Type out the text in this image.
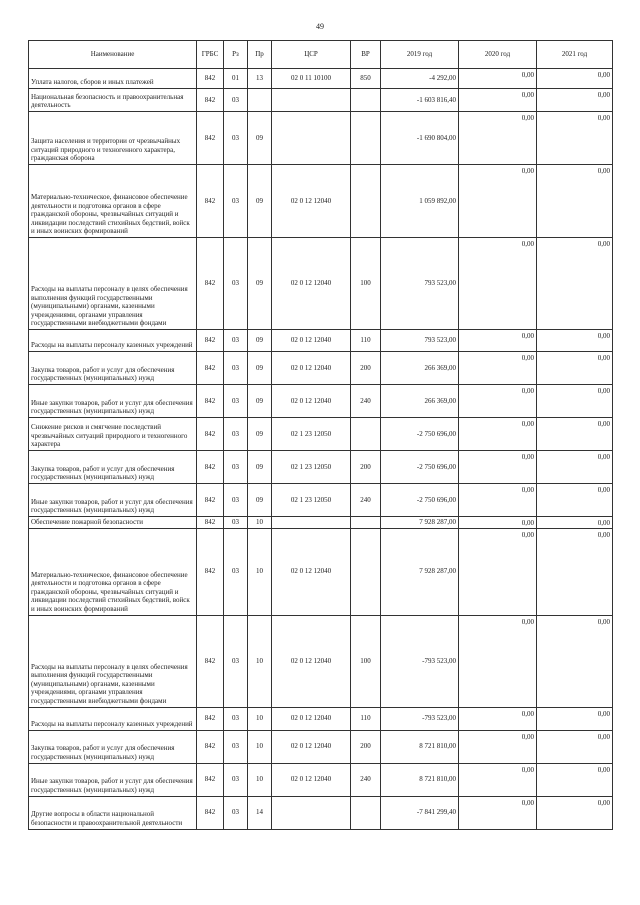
49
Наименование	ГРБС	Рз	Пр	ЦСР	ВР	2019 год	2020 год	2021 год
Уплата налогов, сборов и иных платежей	842	01	13	02 0 11 10100	850	-4 292,00	0,00	0,00
Национальная безопасность и правоохранительная деятельность	842	03				-1 603 816,40	0,00	0,00
Защита населения и территории от чрезвычайных ситуаций природного и техногенного характера, гражданская оборона	842	03	09			-1 690 804,00	0,00	0,00
Материально-техническое, финансовое обеспечение деятельности и подготовка органов в сфере гражданской обороны, чрезвычайных ситуаций и ликвидации последствий стихийных бедствий, войск и иных воинских формирований	842	03	09	02 0 12 12040		1 059 892,00	0,00	0,00
Расходы на выплаты персоналу в целях обеспечения выполнения функций государственными (муниципальными) органами, казенными учреждениями, органами управления государственными внебюджетными фондами	842	03	09	02 0 12 12040	100	793 523,00	0,00	0,00
Расходы на выплаты персоналу казенных учреждений	842	03	09	02 0 12 12040	110	793 523,00	0,00	0,00
Закупка товаров, работ и услуг для обеспечения государственных (муниципальных) нужд	842	03	09	02 0 12 12040	200	266 369,00	0,00	0,00
Иные закупки товаров, работ и услуг для обеспечения государственных (муниципальных) нужд	842	03	09	02 0 12 12040	240	266 369,00	0,00	0,00
Снижение рисков и смягчение последствий чрезвычайных ситуаций природного и техногенного характера	842	03	09	02 1 23 12050		-2 750 696,00	0,00	0,00
Закупка товаров, работ и услуг для обеспечения государственных (муниципальных) нужд	842	03	09	02 1 23 12050	200	-2 750 696,00	0,00	0,00
Иные закупки товаров, работ и услуг для обеспечения государственных (муниципальных) нужд	842	03	09	02 1 23 12050	240	-2 750 696,00	0,00	0,00
Обеспечение пожарной безопасности	842	03	10			7 928 287,00	0,00	0,00
Материально-техническое, финансовое обеспечение деятельности и подготовка органов в сфере гражданской обороны, чрезвычайных ситуаций и ликвидации последствий стихийных бедствий, войск и иных воинских формирований	842	03	10	02 0 12 12040		7 928 287,00	0,00	0,00
Расходы на выплаты персоналу в целях обеспечения выполнения функций государственными (муниципальными) органами, казенными учреждениями, органами управления государственными внебюджетными фондами	842	03	10	02 0 12 12040	100	-793 523,00	0,00	0,00
Расходы на выплаты персоналу казенных учреждений	842	03	10	02 0 12 12040	110	-793 523,00	0,00	0,00
Закупка товаров, работ и услуг для обеспечения государственных (муниципальных) нужд	842	03	10	02 0 12 12040	200	8 721 810,00	0,00	0,00
Иные закупки товаров, работ и услуг для обеспечения государственных (муниципальных) нужд	842	03	10	02 0 12 12040	240	8 721 810,00	0,00	0,00
Другие вопросы в области национальной безопасности и правоохранительной деятельности	842	03	14			-7 841 299,40	0,00	0,00
